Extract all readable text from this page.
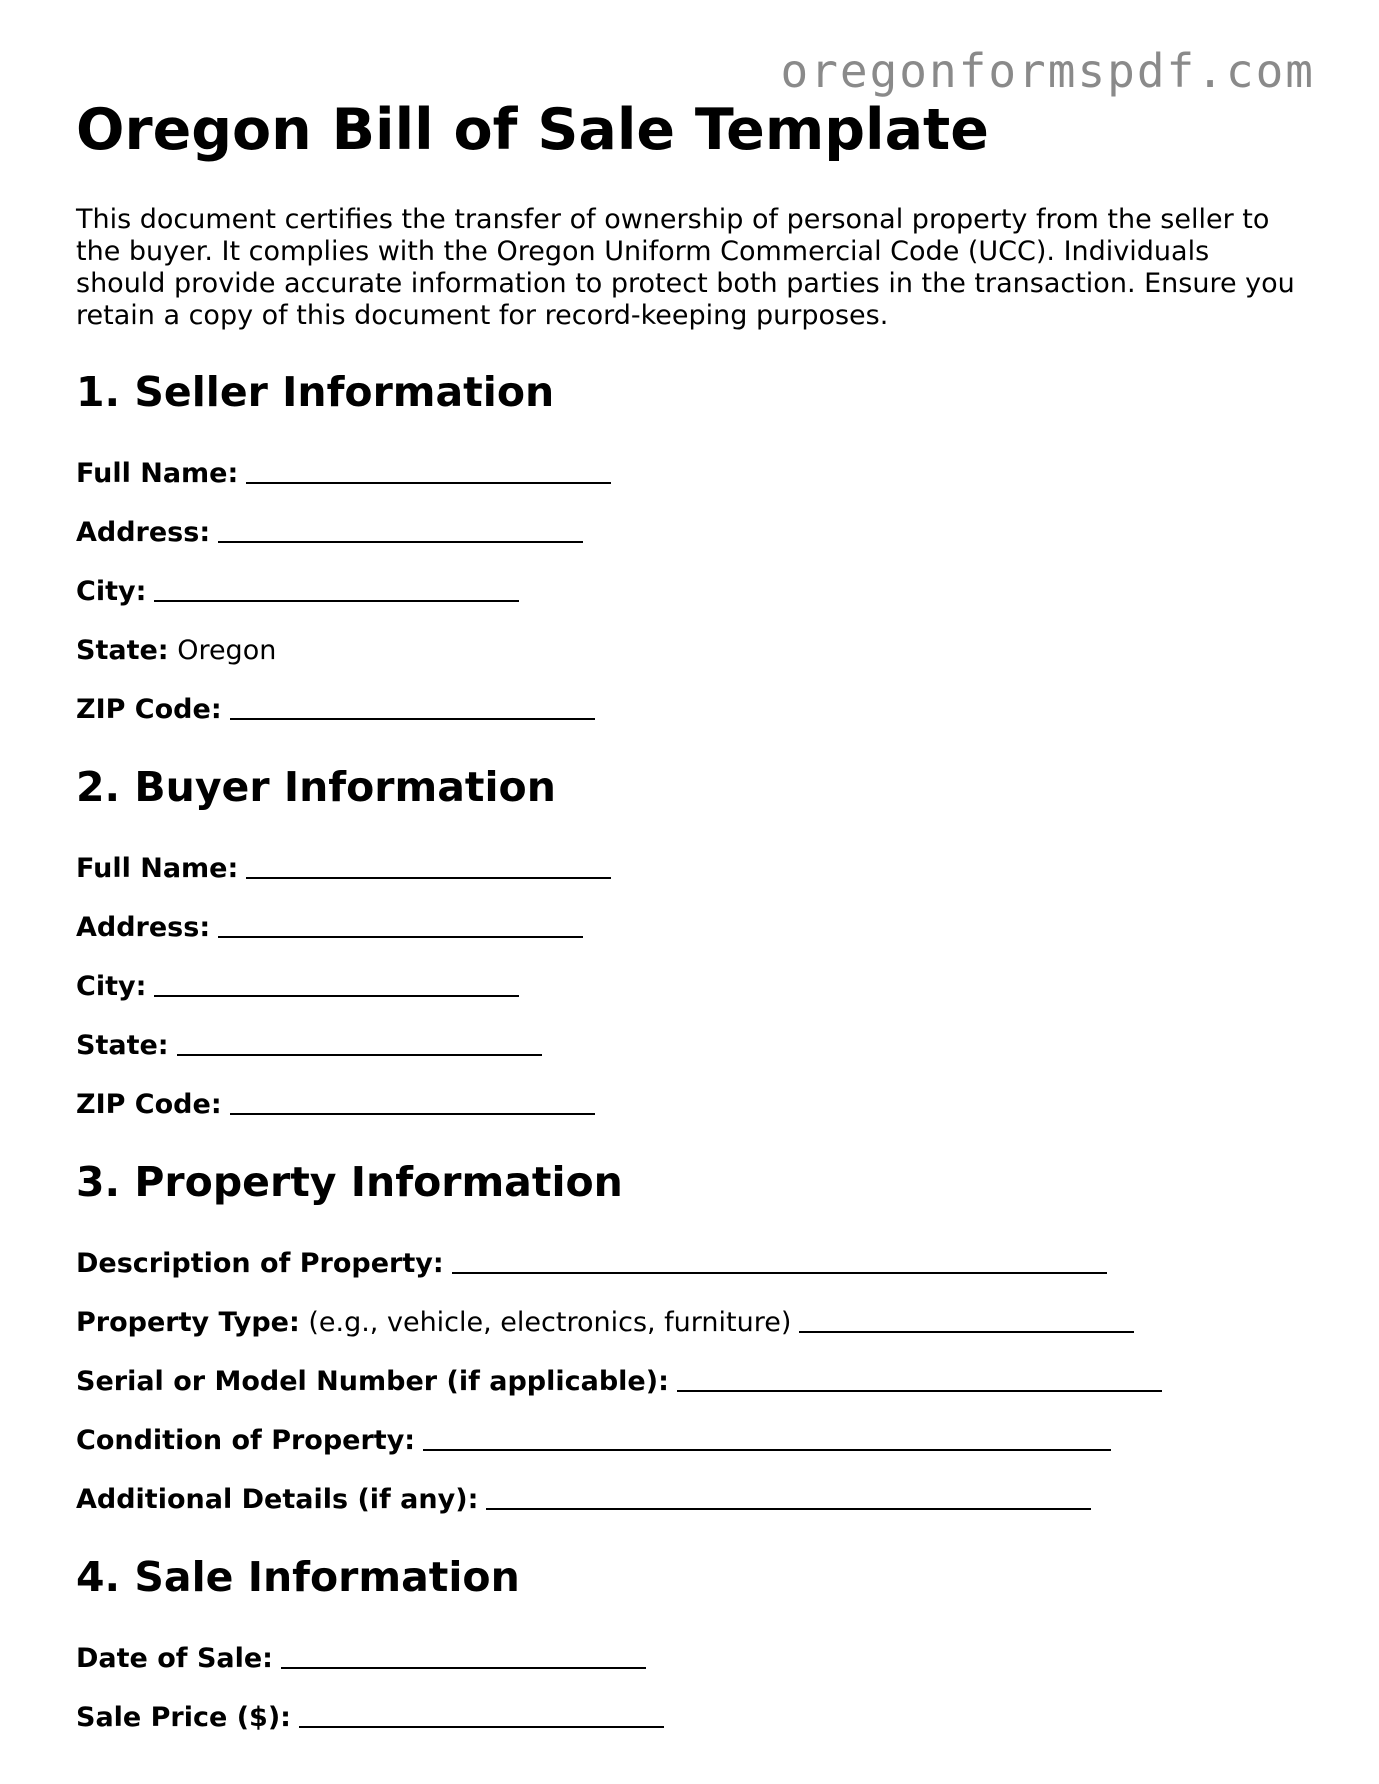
oregonformspdf.com
Oregon Bill of Sale Template

This document certifies the transfer of ownership of personal property from the seller to the buyer. It complies with the Oregon Uniform Commercial Code (UCC). Individuals should provide accurate information to protect both parties in the transaction. Ensure you retain a copy of this document for record-keeping purposes.

1. Seller Information
Full Name:
Address:
City:
State: Oregon
ZIP Code:
2. Buyer Information
Full Name:
Address:
City:
State:
ZIP Code:
3. Property Information
Description of Property:
Property Type: (e.g., vehicle, electronics, furniture)
Serial or Model Number (if applicable):
Condition of Property:
Additional Details (if any):
4. Sale Information
Date of Sale:
Sale Price ($):
